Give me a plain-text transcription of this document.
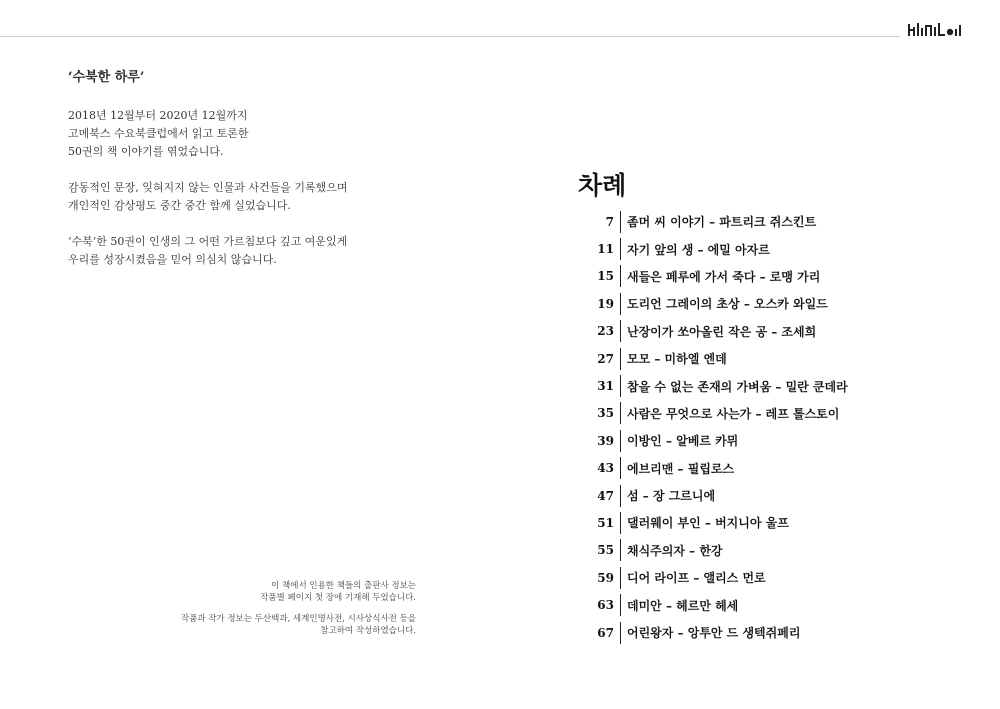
‘수북한 하루’

2018년 12월부터 2020년 12월까지
고메북스 수요북클럽에서 읽고 토론한
50권의 책 이야기를 엮었습니다.

감동적인 문장, 잊혀지지 않는 인물과 사건들을 기록했으며
개인적인 감상평도 중간 중간 함께 실었습니다.

‘수북’한 50권이 인생의 그 어떤 가르침보다 깊고 여운있게
우리를 성장시켰음을 믿어 의심치 않습니다.

이 책에서 인용한 책들의 출판사 정보는
작품별 페이지 첫 장에 기재해 두었습니다.

작품과 작가 정보는 두산백과, 세계인명사전, 시사상식사전 등을
참고하여 작성하였습니다.

차례
7	좀머 씨 이야기 – 파트리크 쥐스킨트
11	자기 앞의 생 – 에밀 아자르
15	새들은 페루에 가서 죽다 – 로맹 가리
19	도리언 그레이의 초상 – 오스카 와일드
23	난장이가 쏘아올린 작은 공 – 조세희
27	모모 – 미하엘 엔데
31	참을 수 없는 존재의 가벼움 – 밀란 쿤데라
35	사람은 무엇으로 사는가 – 레프 톨스토이
39	이방인 – 알베르 카뮈
43	에브리맨 – 필립로스
47	섬 – 장 그르니에
51	댈러웨이 부인 – 버지니아 울프
55	채식주의자 – 한강
59	디어 라이프 – 앨리스 먼로
63	데미안 – 헤르만 헤세
67	어린왕자 – 앙투안 드 생텍쥐페리
